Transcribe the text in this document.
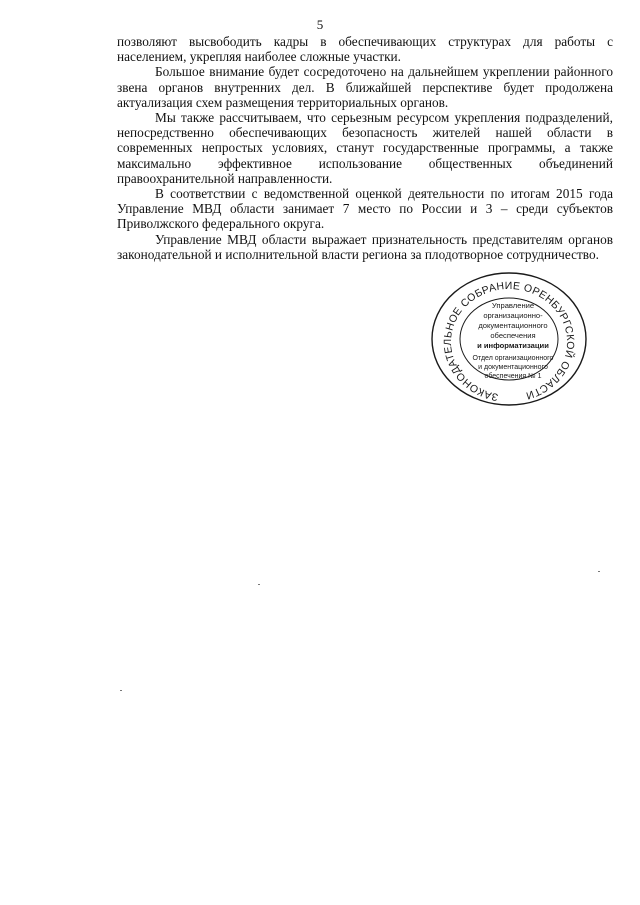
5

позволяют высвободить кадры в обеспечивающих структурах для работы с населением, укрепляя наиболее сложные участки.

Большое внимание будет сосредоточено на дальнейшем укреплении районного звена органов внутренних дел. В ближайшей перспективе будет продолжена актуализация схем размещения территориальных органов.

Мы также рассчитываем, что серьезным ресурсом укрепления подразделений, непосредственно обеспечивающих безопасность жителей нашей области в современных непростых условиях, станут государственные программы, а также максимально эффективное использование общественных объединений правоохранительной направленности.

В соответствии с ведомственной оценкой деятельности по итогам 2015 года Управление МВД области занимает 7 место по России и 3 – среди субъектов Приволжского федерального округа.

Управление МВД области выражает признательность представителям органов законодательной и исполнительной власти региона за плодотворное сотрудничество.

ЗАКОНОДАТЕЛЬНОЕ СОБРАНИЕ ОРЕНБУРГСКОЙ ОБЛАСТИ
Управление
организационно-
документационного
обеспечения
и информатизации
Отдел организационного
и документационного
обеспечения № 1
